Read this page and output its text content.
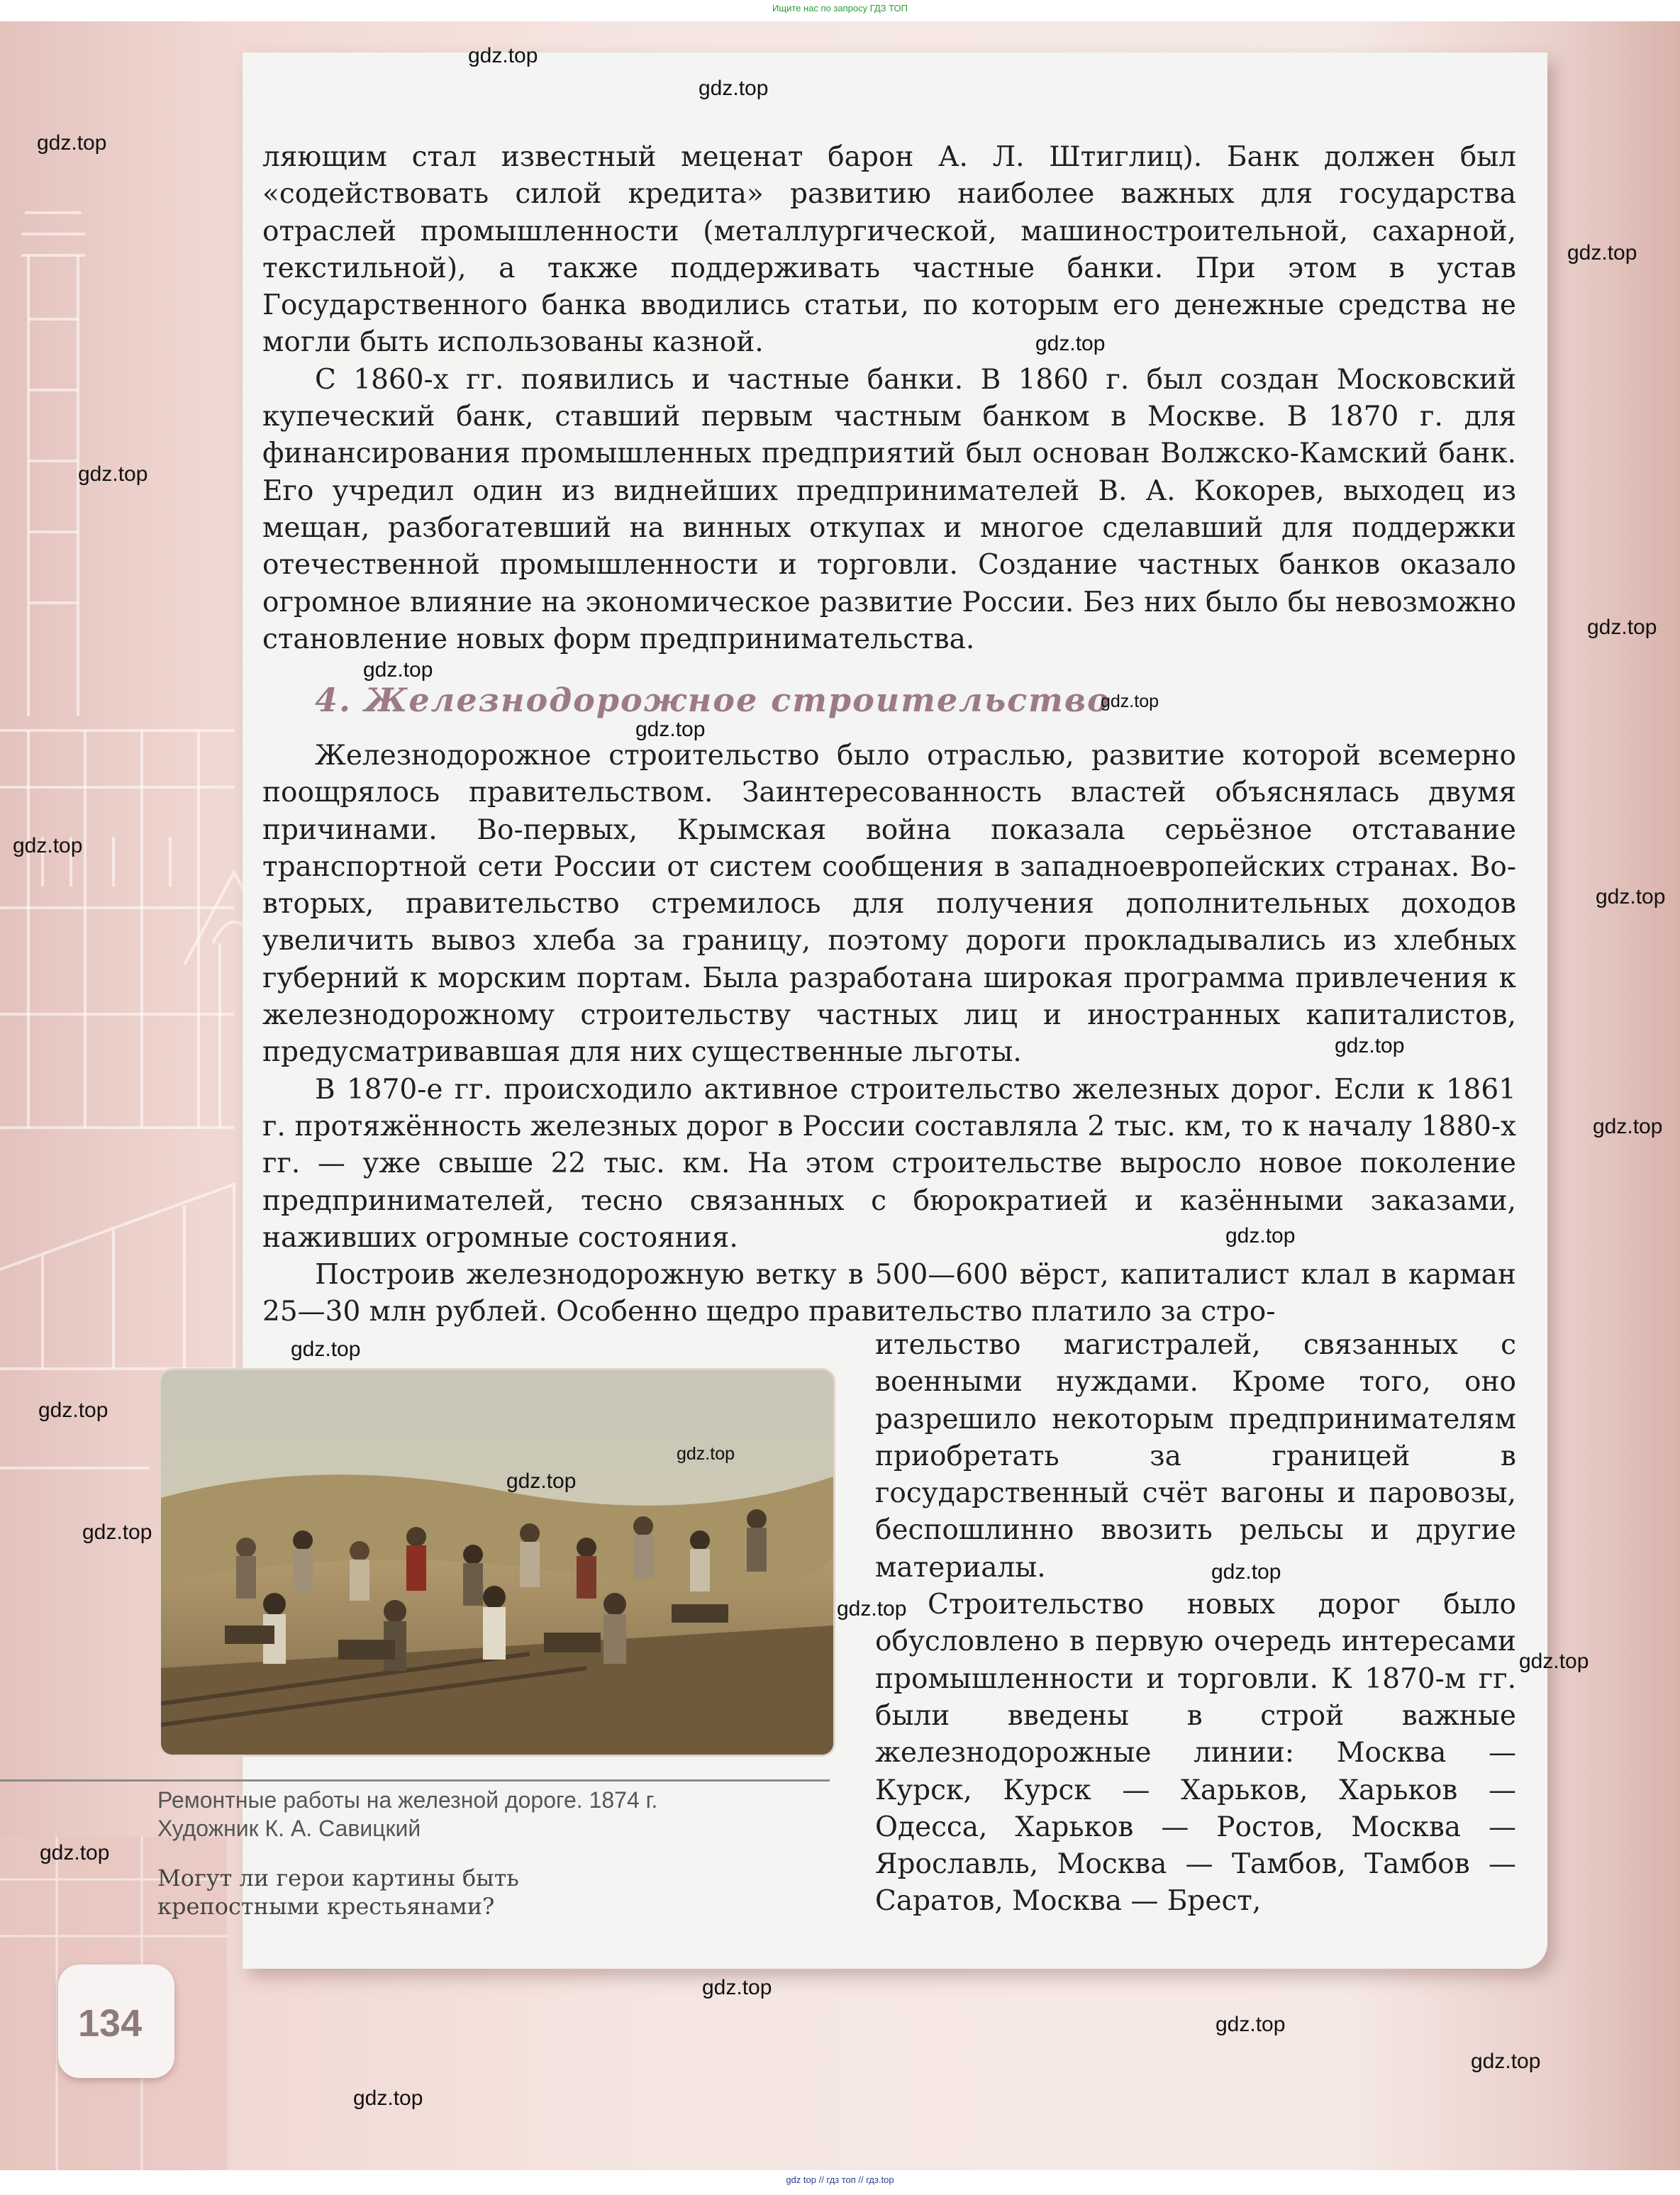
Ищите нас по запросу ГДЗ ТОП

ляющим стал известный меценат барон А. Л. Штиглиц). Банк должен был «содействовать силой кредита» развитию наиболее важных для государства отраслей промышленности (металлургической, машиностроительной, сахарной, текстильной), а также поддерживать частные банки. При этом в устав Государственного банка вводились статьи, по которым его денежные средства не могли быть использованы казной.

С 1860-х гг. появились и частные банки. В 1860 г. был создан Московский купеческий банк, ставший первым частным банком в Москве. В 1870 г. для финансирования промышленных предприятий был основан Волжско-Камский банк. Его учредил один из виднейших предпринимателей В. А. Кокорев, выходец из мещан, разбогатевший на винных откупах и многое сделавший для поддержки отечественной промышленности и торговли. Создание частных банков оказало огромное влияние на экономическое развитие России. Без них было бы невозможно становление новых форм предпринимательства.

4. Железнодорожное строительство

Железнодорожное строительство было отраслью, развитие которой всемерно поощрялось правительством. Заинтересованность властей объяснялась двумя причинами. Во-первых, Крымская война показала серьёзное отставание транспортной сети России от систем сообщения в западноевропейских странах. Во-вторых, правительство стремилось для получения дополнительных доходов увеличить вывоз хлеба за границу, поэтому дороги прокладывались из хлебных губерний к морским портам. Была разработана широкая программа привлечения к железнодорожному строительству частных лиц и иностранных капиталистов, предусматривавшая для них существенные льготы.

В 1870-е гг. происходило активное строительство железных дорог. Если к 1861 г. протяжённость железных дорог в России составляла 2 тыс. км, то к началу 1880-х гг. — уже свыше 22 тыс. км. На этом строительстве выросло новое поколение предпринимателей, тесно связанных с бюрократией и казёнными заказами, наживших огромные состояния.

Построив железнодорожную ветку в 500—600 вёрст, капиталист клал в карман 25—30 млн рублей. Особенно щедро правительство платило за стро-

ительство магистралей, связанных с военными нуждами. Кроме того, оно разрешило некоторым предпринимателям приобретать за границей в государственный счёт вагоны и паровозы, беспошлинно ввозить рельсы и другие материалы.

Строительство новых дорог было обусловлено в первую очередь интересами промышленности и торговли. К 1870-м гг. были введены в строй важные железнодорожные линии: Москва — Курск, Курск — Харьков, Харьков — Одесса, Харьков — Ростов, Москва — Ярославль, Москва — Тамбов, Тамбов — Саратов, Москва — Брест,

Ремонтные работы на железной дороге. 1874 г.
Художник К. А. Савицкий
Могут ли герои картины быть
крепостными крестьянами?
134
gdz.top
gdz.top
gdz.top
gdz.top
gdz.top
gdz.top
gdz.top
gdz.top
gdz.top
gdz.top
gdz.top
gdz.top
gdz.top
gdz.top
gdz.top
gdz.top
gdz.top
gdz.top
gdz.top
gdz.top
gdz.top
gdz.top
gdz.top
gdz.top
gdz.top
gdz.top
gdz.top
gdz.top
gdz top // гдз топ // гдз.top
